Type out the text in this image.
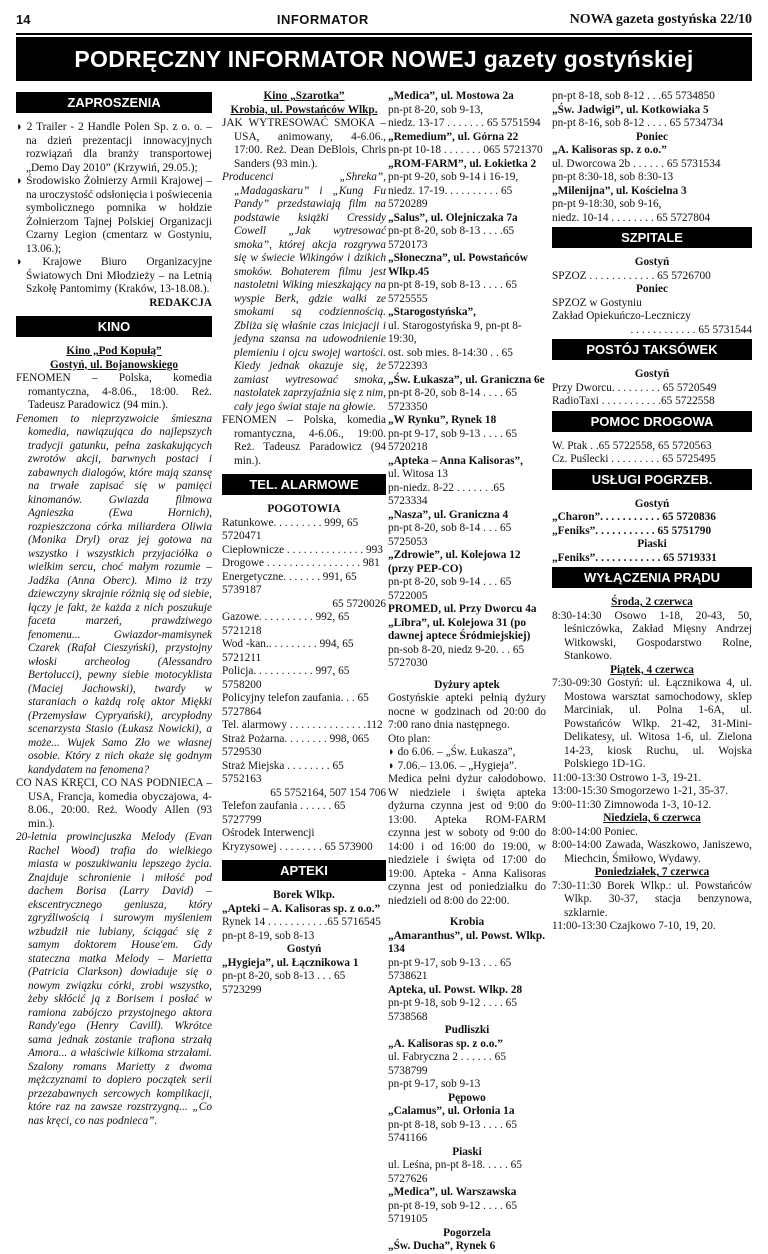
14	INFORMATOR	NOWA gazeta gostyńska 22/10
PODRĘCZNY INFORMATOR NOWEJ gazety gostyńskiej
ZAPROSZENIA

◗ 2 Trailer - 2 Handle Polen Sp. z o. o. – na dzień prezentacji innowacyjnych rozwiązań dla branży transportowej „Demo Day 2010” (Krzywiń, 29.05.);

◗ Środowisko Żołnierzy Armii Krajowej – na uroczystość odsłonięcia i poświecenia symbolicznego pomnika w hołdzie Żołnierzom Tajnej Polskiej Organizacji Czarny Legion (cmentarz w Gostyniu, 13.06.);

◗ Krajowe Biuro Organizacyjne Światowych Dni Młodzieży – na Letnią Szkołę Pantomimy (Kraków, 13-18.08.).

REDAKCJA

KINO

Kino „Pod Kopułą”

Gostyń, ul. Bojanowskiego

FENOMEN – Polska, komedia romantyczna, 4-8.06., 18:00. Reż. Tadeusz Paradowicz (94 min.).

Fenomen to nieprzyzwoicie śmieszna komedia, nawiązująca do najlepszych tradycji gatunku, pełna zaskakujących zwrotów akcji, barwnych postaci i zabawnych dialogów, które mają szansę na trwałe zapisać się w pamięci kinomanów. Gwiazda filmowa Agnieszka (Ewa Hornich), rozpieszczona córka miliardera Oliwia (Monika Dryl) oraz jej gotowa na wszystko i wszystkich przyjaciółka o wielkim sercu, choć małym rozumie – Jadźka (Anna Oberc). Mimo iż trzy dziewczyny skrajnie różnią się od siebie, łączy je fakt, że każda z nich poszukuje faceta marzeń, prawdziwego fenomenu... Gwiazdor-mamisynek Czarek (Rafał Cieszyński), przystojny włoski archeolog (Alessandro Bertolucci), pewny siebie motocyklista (Maciej Jachowski), twardy w staraniach o każdą rolę aktor Miękki (Przemysław Cypryański), arcypłodny scenarzysta Stasio (Łukasz Nowicki), a może... Wujek Samo Zło we własnej osobie. Który z nich okaże się godnym kandydatem na fenomena?

CO NAS KRĘCI, CO NAS PODNIECA – USA, Francja, komedia obyczajowa, 4-8.06., 20:00. Reż. Woody Allen (93 min.).

20-letnia prowincjuszka Melody (Evan Rachel Wood) trafia do wielkiego miasta w poszukiwaniu lepszego życia. Znajduje schronienie i miłość pod dachem Borisa (Larry David) – ekscentrycznego geniusza, który zgryźliwością i surowym myśleniem wzbudził nie lubiany, ściągać się z samym doktorem House'em. Gdy stateczna matka Melody – Marietta (Patricia Clarkson) dowiaduje się o nowym związku córki, zrobi wszystko, żeby skłócić ją z Borisem i posłać w ramiona zabójczo przystojnego aktora Randy'ego (Henry Cavill). Wkrótce sama jednak zostanie trafiona strzałą Amora... a właściwie kilkoma strzałami. Szalony romans Marietty z dwoma mężczyznami to dopiero początek serii przezabawnych sercowych komplikacji, które raz na zawsze rozstrzygną... „Co nas kręci, co nas podnieca”.

Kino „Szarotka”

Krobia, ul. Powstańców Wlkp.

JAK WYTRESOWAĆ SMOKA – USA, animowany, 4-6.06., 17:00. Reż. Dean DeBlois, Chris Sanders (93 min.).

Producenci „Shreka”, „Madagaskaru” i „Kung Fu Pandy” przedstawiają film na podstawie książki Cressidy Cowell „Jak wytresować smoka”, której akcja rozgrywa się w świecie Wikingów i dzikich smoków. Bohaterem filmu jest nastoletni Wiking mieszkający na wyspie Berk, gdzie walki ze smokami są codziennością. Zbliża się właśnie czas inicjacji i jedyna szansa na udowodnienie plemieniu i ojcu swojej wartości. Kiedy jednak okazuje się, że zamiast wytresować smoka, nastolatek zaprzyjaźnia się z nim, cały jego świat staje na głowie.

FENOMEN – Polska, komedia romantyczna, 4-6.06., 19:00. Reż. Tadeusz Paradowicz (94 min.).

TEL. ALARMOWE

POGOTOWIA

Ratunkowe. . . . . . . . . 999, 65 5720471

Ciepłownicze . . . . . . . . . . . . . . 993

Drogowe . . . . . . . . . . . . . . . . . 981

Energetyczne. . . . . . . 991, 65 5739187

65 5720026

Gazowe. . . . . . . . . . 992, 65 5721218

Wod -kan.. . . . . . . . . 994, 65 5721211

Policja. . . . . . . . . . . 997, 65 5758200

Policyjny telefon zaufania. . . 65 5727864

Tel. alarmowy . . . . . . . . . . . . . .112

Straż Pożarna. . . . . . . . 998, 065 5729530

Straż Miejska . . . . . . . . 65 5752163

65 5752164, 507 154 706

Telefon zaufania . . . . . . 65 5727799

Ośrodek Interwencji

Kryzysowej . . . . . . . . 65 573900

APTEKI

Borek Wlkp.

„Apteki – A. Kalisoras sp. z o.o.”

Rynek 14 . . . . . . . . . . .65 5716545

pn-pt 8-19, sob 8-13

Gostyń

„Hygieja”, ul. Łącznikowa 1

pn-pt 8-20, sob 8-13 . . . 65 5723299

„Medica”, ul. Mostowa 2a

pn-pt 8-20, sob 9-13,

niedz. 13-17 . . . . . . . 65 5751594

„Remedium”, ul. Górna 22

pn-pt 10-18 . . . . . . . 065 5721370

„ROM-FARM”, ul. Łokietka 2

pn-pt 9-20, sob 9-14 i 16-19,

niedz. 17-19. . . . . . . . . . 65 5720289

„Salus”, ul. Olejniczaka 7a

pn-pt 8-20, sob 8-13 . . . .65 5720173

„Słoneczna”, ul. Powstańców Wlkp.45

pn-pt 8-19, sob 8-13 . . . . 65 5725555

„Starogostyńska”,

ul. Starogostyńska 9, pn-pt 8-19:30,

ost. sob mies. 8-14:30 . . 65 5722393

„Św. Łukasza”, ul. Graniczna 6e

pn-pt 8-20, sob 8-14 . . . . 65 5723350

„W Rynku”, Rynek 18

pn-pt 9-17, sob 9-13 . . . . 65 5720218

„Apteka – Anna Kalisoras”,

ul. Witosa 13

pn-niedz. 8-22 . . . . . . .65 5723334

„Nasza”, ul. Graniczna 4

pn-pt 8-20, sob 8-14 . . . 65 5725053

„Zdrowie”, ul. Kolejowa 12 (przy PEP-CO)

pn-pt 8-20, sob 9-14 . . . 65 5722005

PROMED, ul. Przy Dworcu 4a

„Libra”, ul. Kolejowa 31 (po dawnej aptece Śródmiejskiej)

pn-sob 8-20, niedz 9-20. . . 65 5727030

Dyżury aptek

Gostyńskie apteki pełnią dyżury nocne w godzinach od 20:00 do 7:00 rano dnia następnego.

Oto plan:

◗ do 6.06. – „Św. Łukasza”,

◗ 7.06.– 13.06. – „Hygieja”.

Medica pełni dyżur całodobowo. W niedziele i święta apteka dyżurna czynna jest od 9:00 do 13:00. Apteka ROM-FARM czynna jest w soboty od 9:00 do 14:00 i od 16:00 do 19:00, w niedziele i święta od 17:00 do 19:00. Apteka - Anna Kalisoras czynna jest od poniedziałku do niedzieli od 8:00 do 22:00.

Krobia

„Amaranthus”, ul. Powst. Wlkp. 134

pn-pt 9-17, sob 9-13 . . . 65 5738621

Apteka, ul. Powst. Wlkp. 28

pn-pt 9-18, sob 9-12 . . . . 65 5738568

Pudliszki

„A. Kalisoras sp. z o.o.”

ul. Fabryczna 2 . . . . . . 65 5738799

pn-pt 9-17, sob 9-13

Pępowo

„Calamus”, ul. Orłonia 1a

pn-pt 8-18, sob 9-13 . . . . 65 5741166

Piaski

ul. Leśna, pn-pt 8-18. . . . . 65 5727626

„Medica”, ul. Warszawska

pn-pt 8-19, sob 9-12 . . . . 65 5719105

Pogorzela

„Św. Ducha”, Rynek 6

pn-pt 8-18, sob 8-12 . . .65 5734850

„Św. Jadwigi”, ul. Kotkowiaka 5

pn-pt 8-16, sob 8-12 . . . . 65 5734734

Poniec

„A. Kalisoras sp. z o.o.”

ul. Dworcowa 2b . . . . . . 65 5731534

pn-pt 8:30-18, sob 8:30-13

„Milenijna”, ul. Kościelna 3

pn-pt 9-18:30, sob 9-16,

niedz. 10-14 . . . . . . . . 65 5727804

SZPITALE

Gostyń

SPZOZ . . . . . . . . . . . . 65 5726700

Poniec

SPZOZ w Gostyniu

Zakład Opiekuńczo-Leczniczy

. . . . . . . . . . . . 65 5731544

POSTÓJ TAKSÓWEK

Gostyń

Przy Dworcu. . . . . . . . . 65 5720549

RadioTaxi . . . . . . . . . . .65 5722558

POMOC DROGOWA

W. Ptak . .65 5722558, 65 5720563

Cz. Puślecki . . . . . . . . . 65 5725495

USŁUGI POGRZEB.

Gostyń

„Charon”. . . . . . . . . . . 65 5720836

„Feniks”. . . . . . . . . . . 65 5751790

Piaski

„Feniks”. . . . . . . . . . . . 65 5719331

WYŁĄCZENIA PRĄDU

Środa, 2 czerwca

8:30-14:30 Osowo 1-18, 20-43, 50, leśniczówka, Zakład Mięsny Andrzej Witkowski, Gospodarstwo Rolne, Stankowo.

Piątek, 4 czerwca

7:30-09:30 Gostyń: ul. Łącznikowa 4, ul. Mostowa warsztat samochodowy, sklep Marciniak, ul. Polna 1-6A, ul. Powstańców Wlkp. 21-42, 31-Mini-Delikatesy, ul. Witosa 1-6, ul. Zielona 14-23, kiosk Ruchu, ul. Wojska Polskiego 1D-1G.

11:00-13:30 Ostrowo 1-3, 19-21.

13:00-15:30 Smogorzewo 1-21, 35-37.

9:00-11:30 Zimnowoda 1-3, 10-12.

Niedziela, 6 czerwca

8:00-14:00 Poniec.

8:00-14:00 Zawada, Waszkowo, Janiszewo, Miechcin, Śmiłowo, Wydawy.

Poniedziałek, 7 czerwca

7:30-11:30 Borek Wlkp.: ul. Powstańców Wlkp. 30-37, stacja benzynowa, szklarnie.

11:00-13:30 Czajkowo 7-10, 19, 20.
